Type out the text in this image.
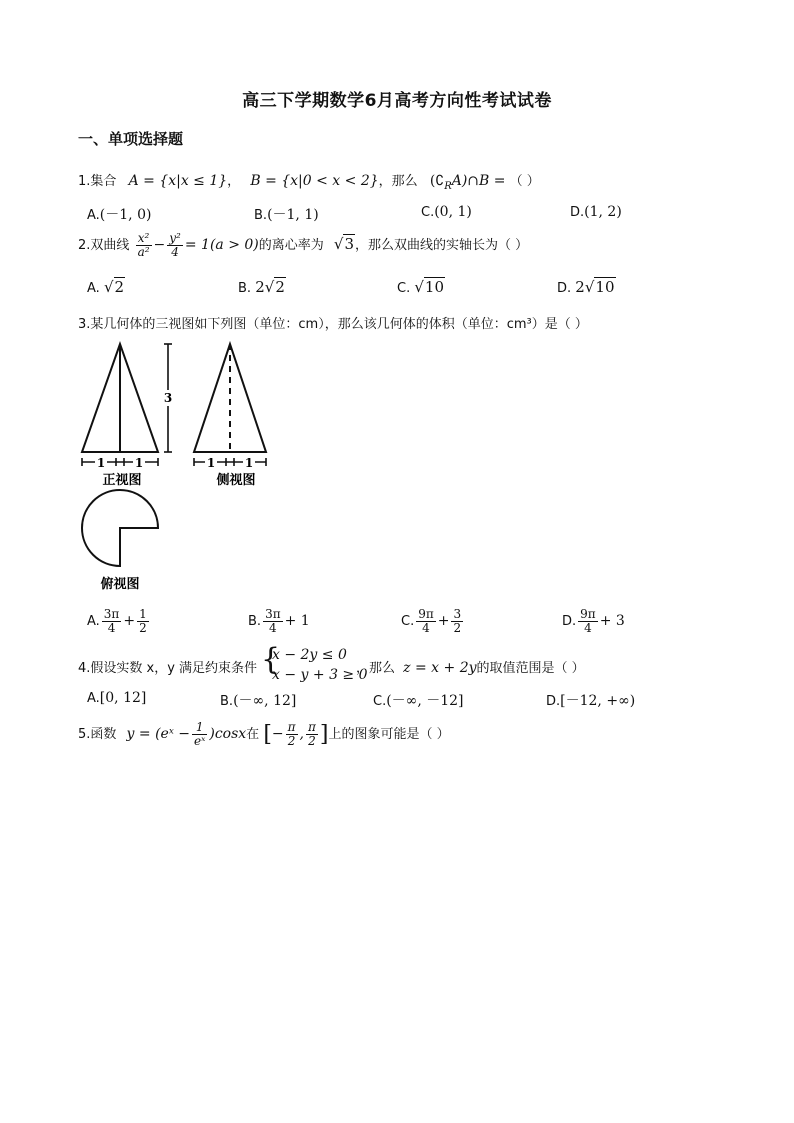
高三下学期数学6月高考方向性考试试卷
一、单项选择题
1.集合 A = {x|x ≤ 1}， B = {x|0 < x < 2}，那么 $(∁_RA)\cap B$ = （ ）
A.(－1, 0)	B.(－1, 1)	C.(0, 1)	D.(1, 2)
2.双曲线 $\frac{\text{x²}}{\text{a²}} - \frac{\text{y²}}{4} = 1(a > 0)$的离心率为 √3，那么双曲线的实轴长为（ ）
A. √2	B. 2√2	C. √10	D. 2√10
3.某几何体的三视图如下列图（单位：cm），那么该几何体的体积（单位：cm³）是（ ）
3
1 1
正视图
1 1
侧视图
俯视图
A. $\frac{3\pi}{4} + \frac{1}{2}$	B. $\frac{3\pi}{4} + 1$	C. $\frac{9\pi}{4} + \frac{3}{2}$	D. $\frac{9\pi}{4} + 3$
4.假设实数 x，y 满足约束条件 {
x − 2y ≤ 0
x − y + 3 ≥ 0
，那么 z = x + 2y的取值范围是（ ）
A.[0, 12]	B.(－∞, 12]	C.(－∞, －12]	D.[－12, +∞)
5.函数 y = (eˣ − $\frac{1}{\text{eˣ}} )\cos x$在 [− $\frac{\pi}{2}$ , $\frac{\pi}{2}$ ]上的图象可能是（ ）
